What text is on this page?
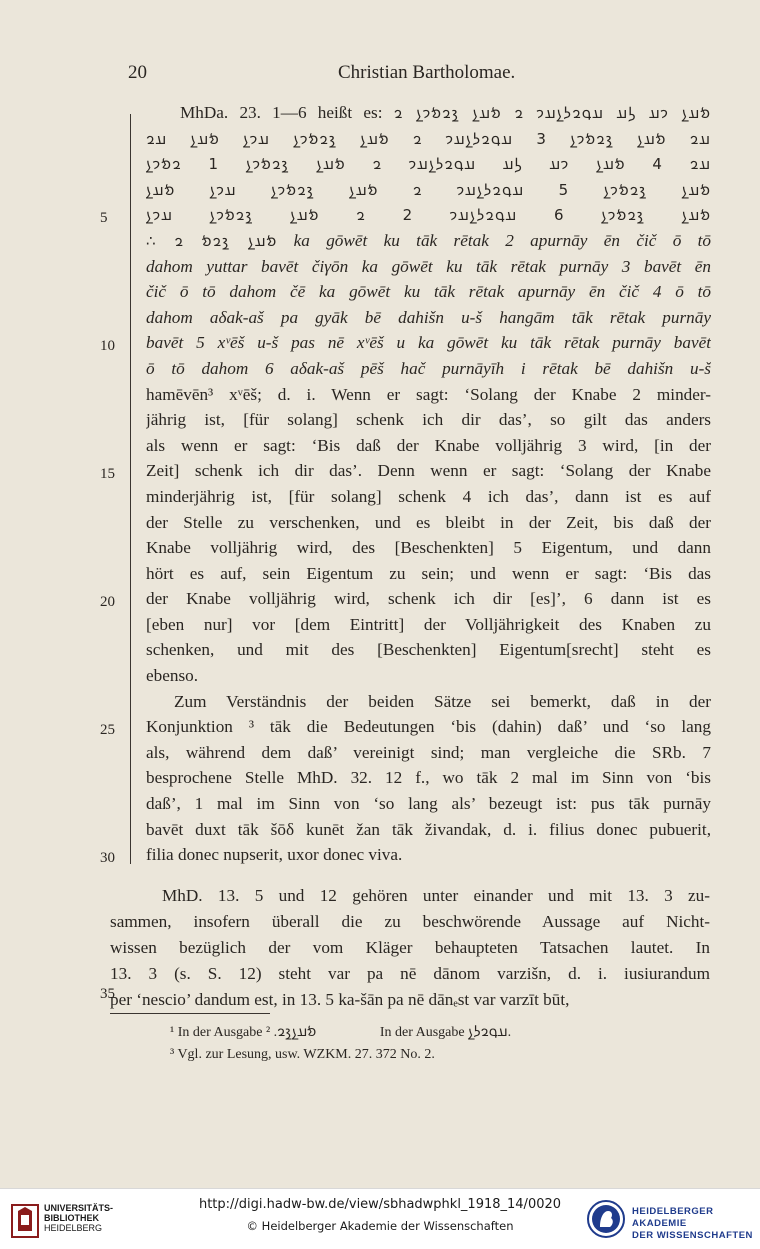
20	Christian Bartholomae.
5
10
15
20
25
30
35
MhDa. 23. 1—6 heißt es: 𐭬𐭠𐭭 𐭩𐭠 𐭫𐭠 𐭠𐭯𐭥𐭫𐭭𐭠𐭩 𐭥 𐭬𐭠𐭭 𐭪𐭥𐭬𐭩𐭭 𐭥
𐭠𐭥 𐭬𐭠𐭭 𐭪𐭥𐭬𐭩𐭭 3 𐭠𐭯𐭥𐭫𐭭𐭠𐭩 𐭥 𐭬𐭠𐭭 𐭪𐭥𐭬𐭩𐭭 𐭠𐭩𐭭 𐭬𐭠𐭭 𐭠𐭥
𐭠𐭥 4 𐭬𐭠𐭭 𐭩𐭠 𐭫𐭠 𐭠𐭯𐭥𐭫𐭭𐭠𐭩 𐭥 𐭬𐭠𐭭 𐭪𐭥𐭬𐭩𐭭 1 𐭥𐭬𐭩𐭭
𐭬𐭠𐭭 𐭪𐭥𐭬𐭩𐭭 5 𐭠𐭯𐭥𐭫𐭭𐭠𐭩 𐭥 𐭬𐭠𐭭 𐭪𐭥𐭬𐭩𐭭 𐭠𐭩𐭭 𐭬𐭠𐭭
𐭬𐭠𐭭 𐭪𐭥𐭬𐭩𐭭 6 𐭠𐭯𐭥𐭫𐭭𐭠𐭩 2 𐭥 𐭬𐭠𐭭 𐭪𐭥𐭬𐭩𐭭 𐭠𐭩𐭭
∴ 𐭬𐭠𐭭 𐭪𐭥𐭬 𐭥 ka gōwēt ku tāk rētak 2 apurnāy ēn čič ō tō
dahom yuttar bavēt čiγōn ka gōwēt ku tāk rētak purnāy 3 bavēt ēn
čič ō tō dahom čē ka gōwēt ku tāk rētak apurnāy ēn čič 4 ō tō
dahom aδak-aš pa gyāk bē dahišn u-š hangām tāk rētak purnāy
bavēt 5 xᵛēš u-š pas nē xᵛēš u ka gōwēt ku tāk rētak purnāy bavēt
ō tō dahom 6 aδak-aš pēš hač purnāyīh i rētak bē dahišn u-š
hamēvēn³ xᵛēš; d. i. Wenn er sagt: ‘Solang der Knabe 2 minder-
jährig ist, [für solang] schenk ich dir das’, so gilt das anders
als wenn er sagt: ‘Bis daß der Knabe volljährig 3 wird, [in der
Zeit] schenk ich dir das’. Denn wenn er sagt: ‘Solang der Knabe
minderjährig ist, [für solang] schenk 4 ich das’, dann ist es auf
der Stelle zu verschenken, und es bleibt in der Zeit, bis daß der
Knabe volljährig wird, des [Beschenkten] 5 Eigentum, und dann
hört es auf, sein Eigentum zu sein; und wenn er sagt: ‘Bis das
der Knabe volljährig wird, schenk ich dir [es]’, 6 dann ist es
[eben nur] vor [dem Eintritt] der Volljährigkeit des Knaben zu
schenken, und mit des [Beschenkten] Eigentum[srecht] steht es
ebenso.
Zum Verständnis der beiden Sätze sei bemerkt, daß in der
Konjunktion ³ tāk die Bedeutungen ‘bis (dahin) daß’ und ‘so lang
als, während dem daß’ vereinigt sind; man vergleiche die SRb. 7
besprochene Stelle MhD. 32. 12 f., wo tāk 2 mal im Sinn von ‘bis
daß’, 1 mal im Sinn von ‘so lang als’ bezeugt ist: pus tāk purnāy
bavēt duxt tāk šōδ kunēt žan tāk živandak, d. i. filius donec pubuerit,
filia donec nupserit, uxor donec viva.
MhD. 13. 5 und 12 gehören unter einander und mit 13. 3 zu-
sammen, insofern überall die zu beschwörende Aussage auf Nicht-
wissen bezüglich der vom Kläger behaupteten Tatsachen lautet. In
13. 3 (s. S. 12) steht var pa nē dānom varzišn, d. i. iusiurandum
per ‘nescio’ dandum est, in 13. 5 ka-šān pa nē dānₑst var varzīt būt,
¹ In der Ausgabe 𐭬𐭠𐭭𐭪𐭥. ² In der Ausgabe 𐭠𐭯𐭥𐭫𐭭.
³ Vgl. zur Lesung, usw. WZKM. 27. 372 No. 2.
UNIVERSITÄTS-
BIBLIOTHEK
HEIDELBERG
http://digi.hadw-bw.de/view/sbhadwphkl_1918_14/0020
© Heidelberger Akademie der Wissenschaften
HEIDELBERGER AKADEMIE
DER WISSENSCHAFTEN
